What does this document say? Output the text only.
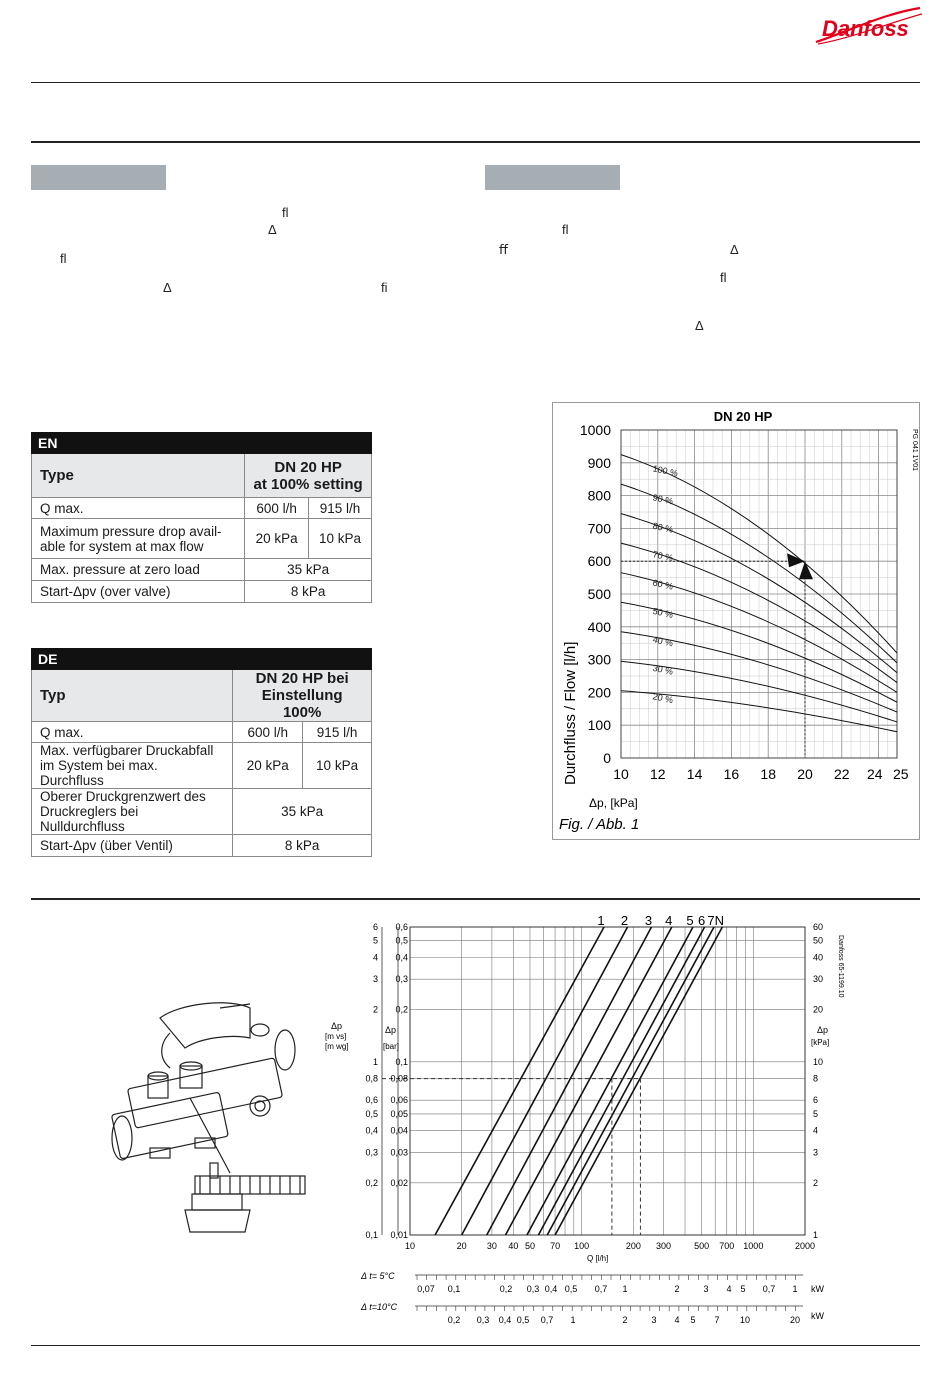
Danfoss
ﬂ
Δ
ﬂ
Δ	ﬁ
ﬂ
ﬀ	Δ
ﬂ
Δ
EN		
Type	DN 20 HP
at 100% setting	
Q max.	600 l/h	915 l/h
Maximum pressure drop avail-able for system at max flow	20 kPa	10 kPa
Max. pressure at zero load	35 kPa	
Start-Δpv (over valve)	8 kPa	
DE		
Typ	DN 20 HP bei
Einstellung 100%	
Q max.	600 l/h	915 l/h
Max. verfügbarer Druckabfall im System bei max. Durchfluss	20 kPa	10 kPa
Oberer Druckgrenzwert des Druckreglers bei Nulldurchfluss	35 kPa	
Start-Δpv (über Ventil)	8 kPa	
DN 20 HP
PG 041 1V01
100 %
90 %
80 %
70 %
60 %
50 %
40 %
30 %
20 %
0
100
200
300
400
500
600
700
800
900
1000
10 12 14 16 18 20 22 24 25
Durchfluss / Flow [l/h]
Δp, [kPa]
Fig. / Abb. 1
1 2 3 4 5 6 7 N
1
0,01
0,1
2
0,02
0,2
3
0,03
0,3
4
0,04
0,4
5
0,05
0,5
6
0,06
0,6
8
0,08
0,8
10
0,1
1
20
0,2
2
30
0,3
3
40
0,4
4
50
0,5
5
60
0,6
6
10	20 30 40 50 70 100	200 300	500 700 1000	2000
0,07 0,1	0,2 0,3 0,4 0,5 0,7 1	2	3 4 5 0,7 1
0,2 0,3 0,4 0,5 0,7 1	2	3 4 5 7 10	20
Danfoss 65-1199.10
Δp
[m vs]
[m wg]
Δp
[bar]
Δp
[kPa]
Q [l/h]
Δ t= 5°C
Δ t=10°C
kW
kW
